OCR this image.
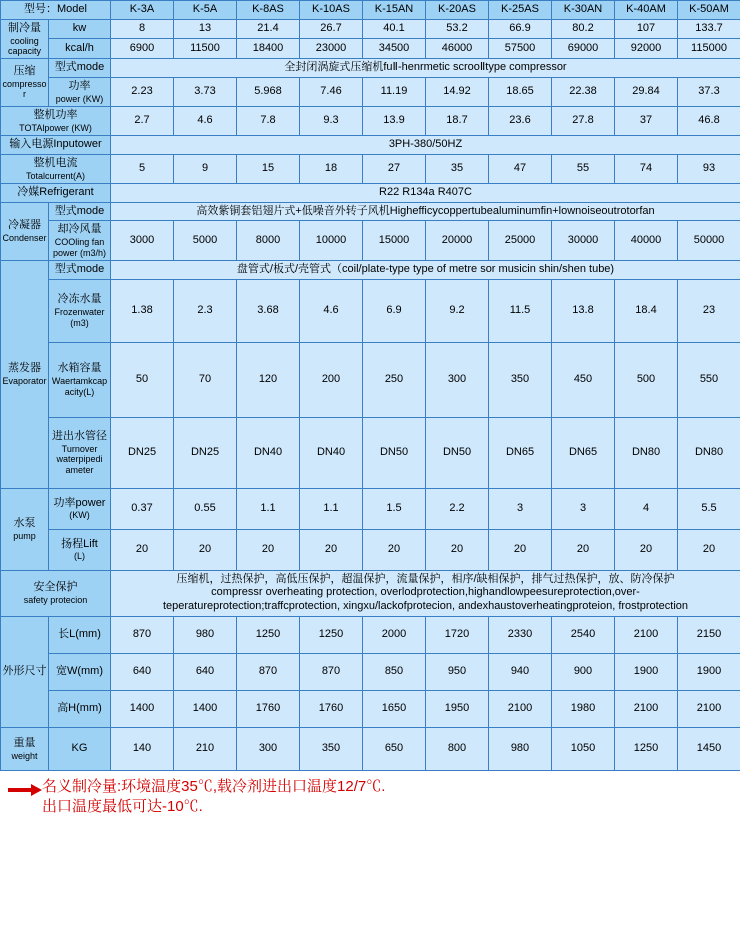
型号：Model		K-3A	K-5A	K-8AS	K-10AS	K-15AN	K-20AS	K-25AS	K-30AN	K-40AM	K-50AM

制冷量
cooling capacity	kw	8	13	21.4	26.7	40.1	53.2	66.9	80.2	107	133.7
	kcal/h	6900	11500	18400	23000	34500	46000	57500	69000	92000	115000

压缩
compressor	型式mode	全封闭涡旋式压缩机fuⅡ-henrmetic scrooⅡtype compressor									

	功率
power (KW)	2.23	3.73	5.968	7.46	11.19	14.92	18.65	22.38	29.84	37.3

整机功率
TOTAlpower (KW)		2.7	4.6	7.8	9.3	13.9	18.7	23.6	27.8	37	46.8
输入电源Inputower		3PH-380/50HZ									

整机电流
Totalcurrent(A)		5	9	15	18	27	35	47	55	74	93
冷媒Refrigerant		R22 R134a R407C									

冷凝器
Condenser	型式mode	高效紫铜套铝翅片式+低噪音外转子风机Highefficycoppertubealuminumfin+lownoiseoutrotorfan									

	却冷风量
COOling fan power (m3/h)	3000	5000	8000	10000	15000	20000	25000	30000	40000	50000

蒸发器
Evaporator	型式mode	盘管式/板式/壳管式（coil/plate-type type of metre sor musicin shin/shen tube)									

	冷冻水量
Frozenwater (m3)	1.38	2.3	3.68	4.6	6.9	9.2	11.5	13.8	18.4	23

	水箱容量
Waertamkcapacity(L)	50	70	120	200	250	300	350	450	500	550

	进出水管径
Turnover waterpipedi ameter	DN25	DN25	DN40	DN40	DN50	DN50	DN65	DN65	DN80	DN80

水泵
pump	功率power
(KW)	0.37	0.55	1.1	1.1	1.5	2.2	3	3	4	5.5

	扬程Lift
(L)	20	20	20	20	20	20	20	20	20	20

安全保护
safety protecion		压缩机，过热保护，高低压保护，超温保护，流量保护，相序/缺相保护，排气过热保护，放、防冷保护
compressr overheating protection, overlodprotection,highandlowpeesureprotection,over-
teperatureprotection;traffcprotection, xingxu/lackofprotecion, andexhaustoverheatingproteion, frostprotection									

外形尺寸	长L(mm)	870	980	1250	1250	2000	1720	2330	2540	2100	2150
	宽W(mm)	640	640	870	870	850	950	940	900	1900	1900
	高H(mm)	1400	1400	1760	1760	1650	1950	2100	1980	2100	2100

重量
weight	KG	140	210	300	350	650	800	980	1050	1250	1450
名义制冷量:环境温度35℃,载冷剂进出口温度12/7℃.
出口温度最低可达-10℃.
